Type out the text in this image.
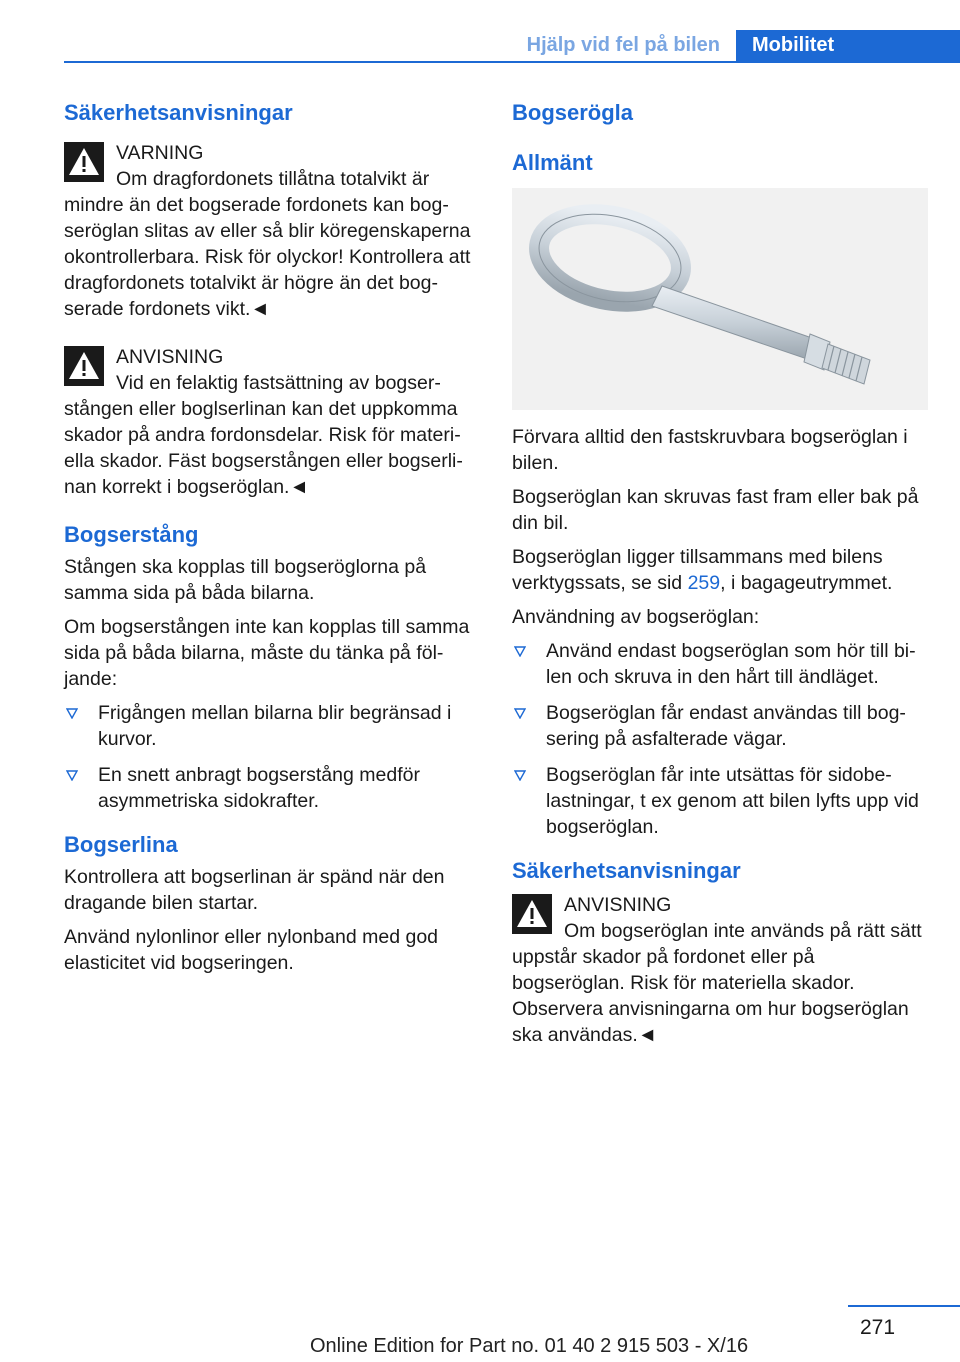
Hjälp vid fel på bilen	Mobilitet
Säkerhetsanvisningar
VARNING
Om dragfordonets tillåtna totalvikt är mindre än det bogserade fordonets kan bogseröglan slitas av eller så blir köregenskaperna okontrollerbara. Risk för olyckor! Kontrollera att dragfordonets totalvikt är högre än det bogserade fordonets vikt.◄
ANVISNING
Vid en felaktig fastsättning av bogserstången eller boglserlinan kan det uppkomma skador på andra fordonsdelar. Risk för materiella skador. Fäst bogserstången eller bogserlinan korrekt i bogseröglan.◄
Bogserstång

Stången ska kopplas till bogseröglorna på samma sida på båda bilarna.

Om bogserstången inte kan kopplas till samma sida på båda bilarna, måste du tänka på följande:

Frigången mellan bilarna blir begränsad i kurvor.
En snett anbragt bogserstång medför asymmetriska sidokrafter.
Bogserlina

Kontrollera att bogserlinan är spänd när den dragande bilen startar.

Använd nylonlinor eller nylonband med god elasticitet vid bogseringen.

Bogserögla
Allmänt

Förvara alltid den fastskruvbara bogseröglan i bilen.

Bogseröglan kan skruvas fast fram eller bak på din bil.

Bogseröglan ligger tillsammans med bilens verktygssats, se sid 259, i bagageutrymmet.

Användning av bogseröglan:

Använd endast bogseröglan som hör till bilen och skruva in den hårt till ändläget.
Bogseröglan får endast användas till bogsering på asfalterade vägar.
Bogseröglan får inte utsättas för sidobelastningar, t ex genom att bilen lyfts upp vid bogseröglan.
Säkerhetsanvisningar
ANVISNING
Om bogseröglan inte används på rätt sätt uppstår skador på fordonet eller på bogseröglan. Risk för materiella skador. Observera anvisningarna om hur bogseröglan ska användas.◄
271
Online Edition for Part no. 01 40 2 915 503 - X/16
